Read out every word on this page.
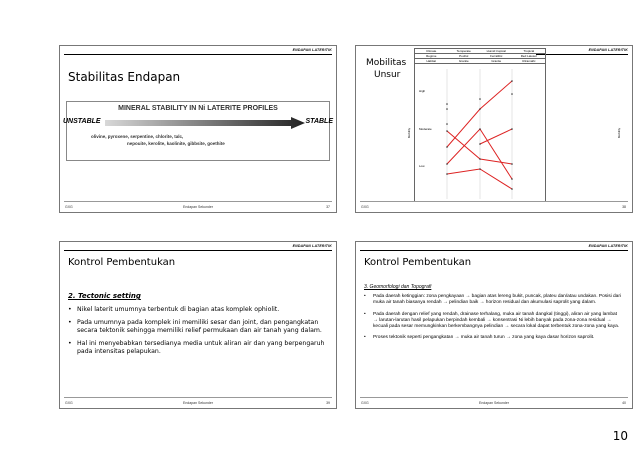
ENDAPAN LATERITIK
Stabilitas Endapan
MINERAL STABILITY IN Ni LATERITE PROFILES
UNSTABLE	STABLE
olivine, pyroxene, serpentine, chlorite, talc,
nepouite, kerolite, kaolinite, gibbsite, goethite
GXG	Endapan Sekunder	37
ENDAPAN LATERITIK
Mobilitas
Unsur
Climate	Temperate	Humid tropical	Tropical
Regime	Podzol	Ferrallitic	Red Latosol
Habitat	Granite	Granite	Ultramafic
High
Moderate
Low
Mobility	Mobility
GXG	38
ENDAPAN LATERITIK
Kontrol Pembentukan
2. Tectonic setting
• Nikel laterit umumnya terbentuk di bagian atas komplek ophiolit.
• Pada umumnya pada komplek ini memiliki sesar dan joint, dan pengangkatan secara tektonik sehingga memiliki relief permukaan dan air tanah yang dalam.
• Hal ini menyebabkan tersedianya media untuk aliran air dan yang berpengaruh pada intensitas pelapukan.
GXG	Endapan Sekunder	39
ENDAPAN LATERITIK
Kontrol Pembentukan
3. Geomorfologi dan Topografi
• Pada daerah ketinggian: zona pengkayaan → bagian atas lereng bukit, puncak, plateu dan/atau undakan. Posisi dari muka air tanah biasanya rendah → pelindian baik → horizon residual dan akumulasi saprolit yang dalam.
• Pada daerah dengan relief yang rendah, drainase terhalang, muka air tanah dangkal (tinggi), aliran air yang lambat → larutan-larutan hasil pelapukan berpindah kembali → konsentrasi Ni lebih banyak pada zona-zona residual → kecuali pada sesar memungkinkan berkembangnya pelindian → secara lokal dapat terbentuk zona-zona yang kaya.
• Proses tektonik seperti pengangkatan → muka air tanah turun → zona yang kaya dasar horizon saprolit.
GXG	Endapan Sekunder	40
10
